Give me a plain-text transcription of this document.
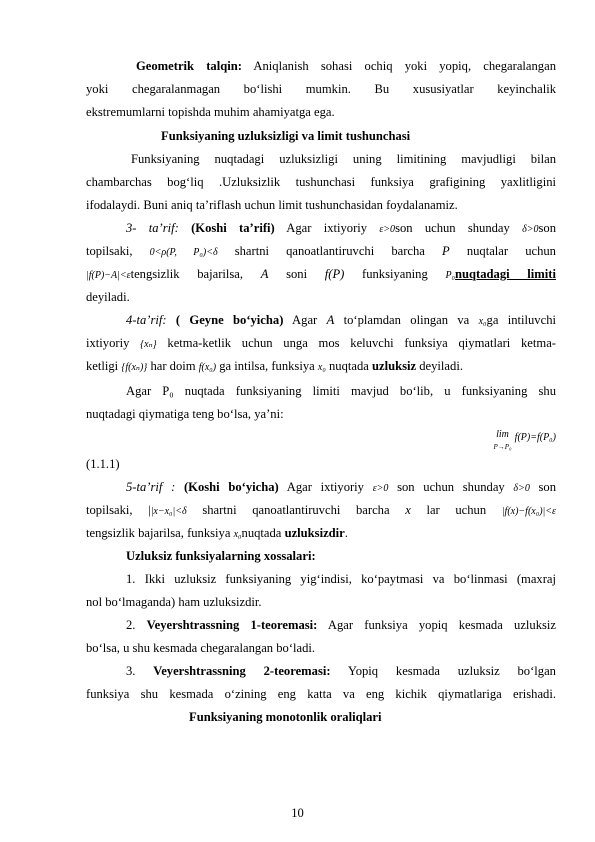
Geometrik talqin: Aniqlanish sohasi ochiq yoki yopiq, chegaralangan
yoki chegaralanmagan bo‘lishi mumkin. Bu xususiyatlar keyinchalik
ekstremumlarni topishda muhim ahamiyatga ega.
Funksiyaning uzluksizligi va limit tushunchasi
Funksiyaning nuqtadagi uzluksizligi uning limitining mavjudligi bilan
chambarchas bog‘liq .Uzluksizlik tushunchasi funksiya grafigining yaxlitligini
ifodalaydi. Buni aniq ta’riflash uchun limit tushunchasidan foydalanamiz.
3- ta’rif: (Koshi ta’rifi) Agar ixtiyoriy ε>0son uchun shunday δ>0son
topilsaki, 0<ρ(P, P₀)<δ shartni qanoatlantiruvchi barcha P nuqtalar uchun
|f(P)−A|<εtengsizlik bajarilsa, A soni f(P) funksiyaning P₀nuqtadagi limiti
deyiladi.
4-ta’rif: ( Geyne bo‘yicha) Agar A to‘plamdan olingan va x₀ga intiluvchi
ixtiyoriy {xₙ} ketma-ketlik uchun unga mos keluvchi funksiya qiymatlari ketma-
ketligi {f(xₙ)} har doim f(x₀) ga intilsa, funksiya x₀ nuqtada uzluksiz deyiladi.
Agar P₀ nuqtada funksiyaning limiti mavjud bo‘lib, u funksiyaning shu
nuqtadagi qiymatiga teng bo‘lsa, ya’ni:
lim
P→P₀ f(P)=f(P₀)
(1.1.1)
5-ta’rif : (Koshi bo‘yicha) Agar ixtiyoriy ε>0 son uchun shunday δ>0 son
topilsaki, ||x−x₀|<δ shartni qanoatlantiruvchi barcha x lar uchun |f(x)−f(x₀)|<ε
tengsizlik bajarilsa, funksiya x₀nuqtada uzluksizdir.
Uzluksiz funksiyalarning xossalari:
1. Ikki uzluksiz funksiyaning yig‘indisi, ko‘paytmasi va bo‘linmasi (maxraj
nol bo‘lmaganda) ham uzluksizdir.
2. Veyershtrassning 1-teoremasi: Agar funksiya yopiq kesmada uzluksiz
bo‘lsa, u shu kesmada chegaralangan bo‘ladi.
3. Veyershtrassning 2-teoremasi: Yopiq kesmada uzluksiz bo‘lgan
funksiya shu kesmada o‘zining eng katta va eng kichik qiymatlariga erishadi.
Funksiyaning monotonlik oraliqlari
10
